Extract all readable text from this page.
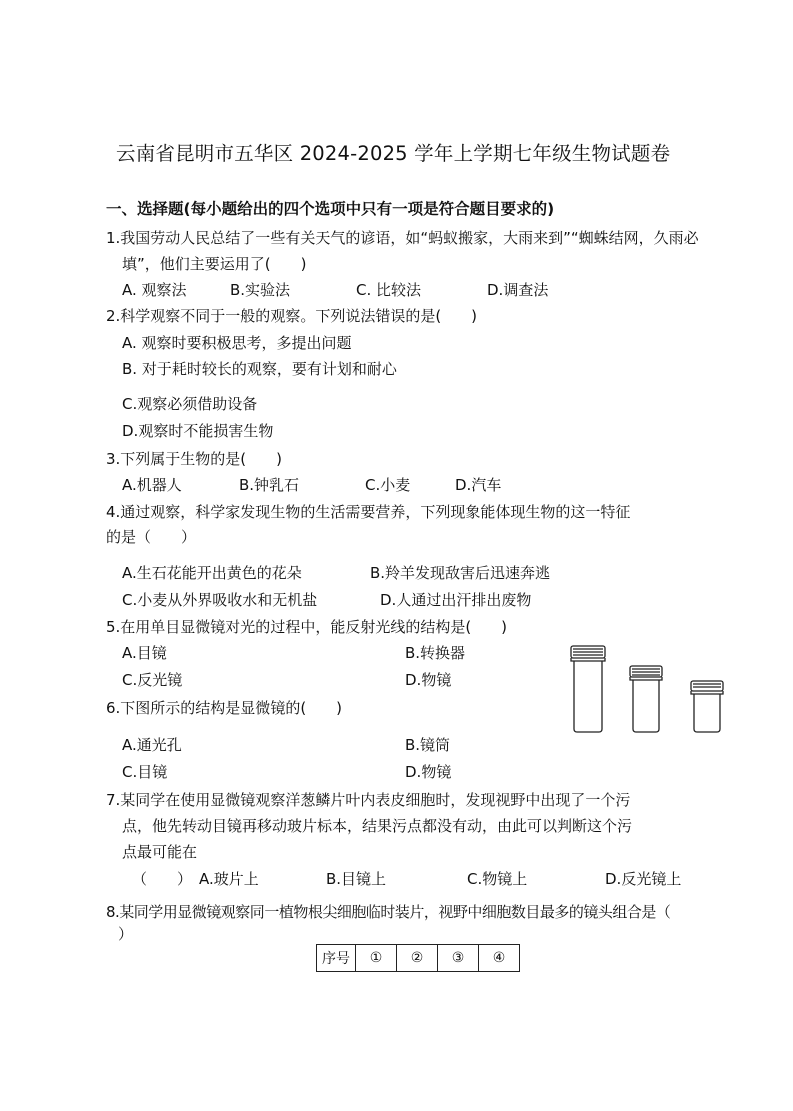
云南省昆明市五华区 2024-2025 学年上学期七年级生物试题卷
一、选择题(每小题给出的四个选项中只有一项是符合题目要求的)
1.我国劳动人民总结了一些有关天气的谚语，如“蚂蚁搬家，大雨来到”“蜘蛛结网，久雨必
填”，他们主要运用了(　　)
A. 观察法	B.实验法	C. 比较法	D.调查法
2.科学观察不同于一般的观察。下列说法错误的是(　　)
A. 观察时要积极思考，多提出问题
B. 对于耗时较长的观察，要有计划和耐心
C.观察必须借助设备
D.观察时不能损害生物
3.下列属于生物的是(　　)
A.机器人	B.钟乳石	C.小麦	D.汽车
4.通过观察，科学家发现生物的生活需要营养，下列现象能体现生物的这一特征
的是（　　）
A.生石花能开出黄色的花朵	B.羚羊发现敌害后迅速奔逃
C.小麦从外界吸收水和无机盐	D.人通过出汗排出废物
5.在用单目显微镜对光的过程中，能反射光线的结构是(　　)
A.目镜	B.转换器
C.反光镜	D.物镜
6.下图所示的结构是显微镜的(　　)
A.通光孔	B.镜筒
C.目镜	D.物镜
7.某同学在使用显微镜观察洋葱鳞片叶内表皮细胞时，发现视野中出现了一个污
点，他先转动目镜再移动玻片标本，结果污点都没有动，由此可以判断这个污
点最可能在
（　　） A.玻片上	B.目镜上	C.物镜上	D.反光镜上
8.某同学用显微镜观察同一植物根尖细胞临时装片，视野中细胞数目最多的镜头组合是（
）
序号	①	②	③	④
